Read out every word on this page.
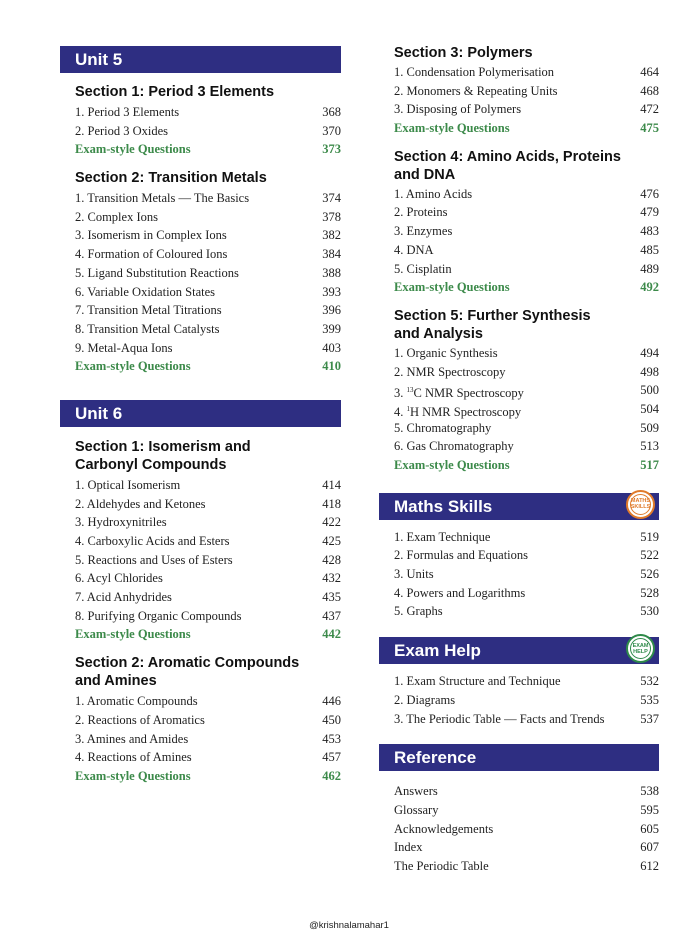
Unit 5
Section 1: Period 3 Elements
1. Period 3 Elements	368
2. Period 3 Oxides	370
Exam-style Questions	373
Section 2: Transition Metals
1. Transition Metals — The Basics	374
2. Complex Ions	378
3. Isomerism in Complex Ions	382
4. Formation of Coloured Ions	384
5. Ligand Substitution Reactions	388
6. Variable Oxidation States	393
7. Transition Metal Titrations	396
8. Transition Metal Catalysts	399
9. Metal-Aqua Ions	403
Exam-style Questions	410
Unit 6
Section 1: Isomerism and
Carbonyl Compounds
1. Optical Isomerism	414
2. Aldehydes and Ketones	418
3. Hydroxynitriles	422
4. Carboxylic Acids and Esters	425
5. Reactions and Uses of Esters	428
6. Acyl Chlorides	432
7. Acid Anhydrides	435
8. Purifying Organic Compounds	437
Exam-style Questions	442
Section 2: Aromatic Compounds
and Amines
1. Aromatic Compounds	446
2. Reactions of Aromatics	450
3. Amines and Amides	453
4. Reactions of Amines	457
Exam-style Questions	462
Section 3: Polymers
1. Condensation Polymerisation	464
2. Monomers & Repeating Units	468
3. Disposing of Polymers	472
Exam-style Questions	475
Section 4: Amino Acids, Proteins
and DNA
1. Amino Acids	476
2. Proteins	479
3. Enzymes	483
4. DNA	485
5. Cisplatin	489
Exam-style Questions	492
Section 5: Further Synthesis
and Analysis
1. Organic Synthesis	494
2. NMR Spectroscopy	498
3. $^{13}$C NMR Spectroscopy	500
4. $^1$H NMR Spectroscopy	504
5. Chromatography	509
6. Gas Chromatography	513
Exam-style Questions	517
Maths Skills	MATHS SKILLS
1. Exam Technique	519
2. Formulas and Equations	522
3. Units	526
4. Powers and Logarithms	528
5. Graphs	530
Exam Help	EXAM HELP
1. Exam Structure and Technique	532
2. Diagrams	535
3. The Periodic Table — Facts and Trends	537
Reference
Answers	538
Glossary	595
Acknowledgements	605
Index	607
The Periodic Table	612
@krishnalamahar1
